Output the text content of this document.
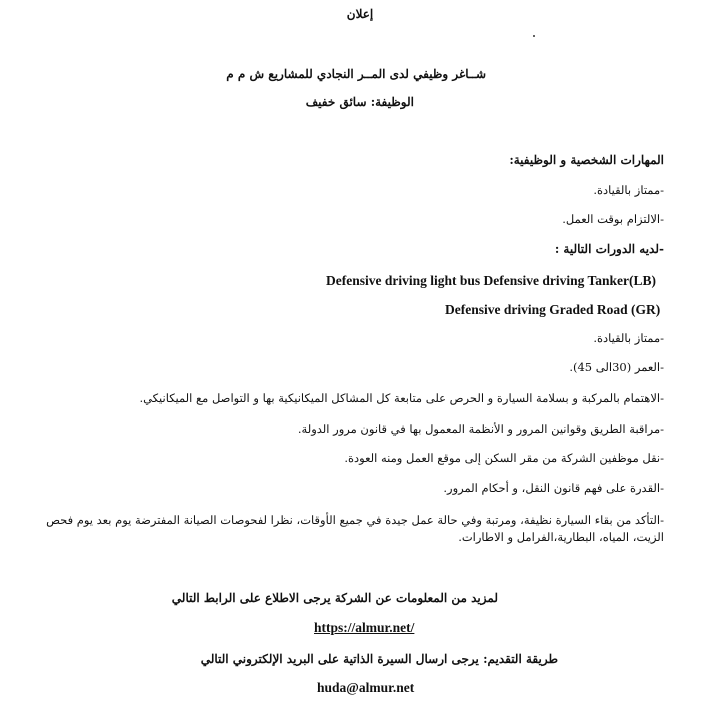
إعلان
شــاغر وظيفي لدى المــر النجادي للمشاريع ش م م
الوظيفة: سائق خفيف
المهارات الشخصية و الوظيفية:
-ممتاز بالقيادة.
-الالتزام بوقت العمل.
-لديه الدورات التالية :
Defensive driving light bus Defensive driving Tanker(LB)
Defensive driving Graded Road (GR)
-ممتاز بالقيادة.
-العمر (30الى 45).
-الاهتمام بالمركبة و بسلامة السيارة و الحرص على متابعة كل المشاكل الميكانيكية بها و التواصل مع الميكانيكي.
-مراقبة الطريق وقوانين المرور و الأنظمة المعمول بها في قانون مرور الدولة.
-نقل موظفين الشركة من مقر السكن إلى موقع العمل ومنه العودة.
-القدرة على فهم قانون النقل، و أحكام المرور.
-التأكد من بقاء السيارة نظيفة، ومرتبة وفي حالة عمل جيدة في جميع الأوقات، نظرا لفحوصات الصيانة المفترضة يوم بعد يوم فحص
الزيت، المياه، البطارية،الفرامل و الاطارات.
لمزيد من المعلومات عن الشركة يرجى الاطلاع على الرابط التالي
https://almur.net/
طريقة التقديم: يرجى ارسال السيرة الذاتية على البريد الإلكتروني التالي
huda@almur.net
